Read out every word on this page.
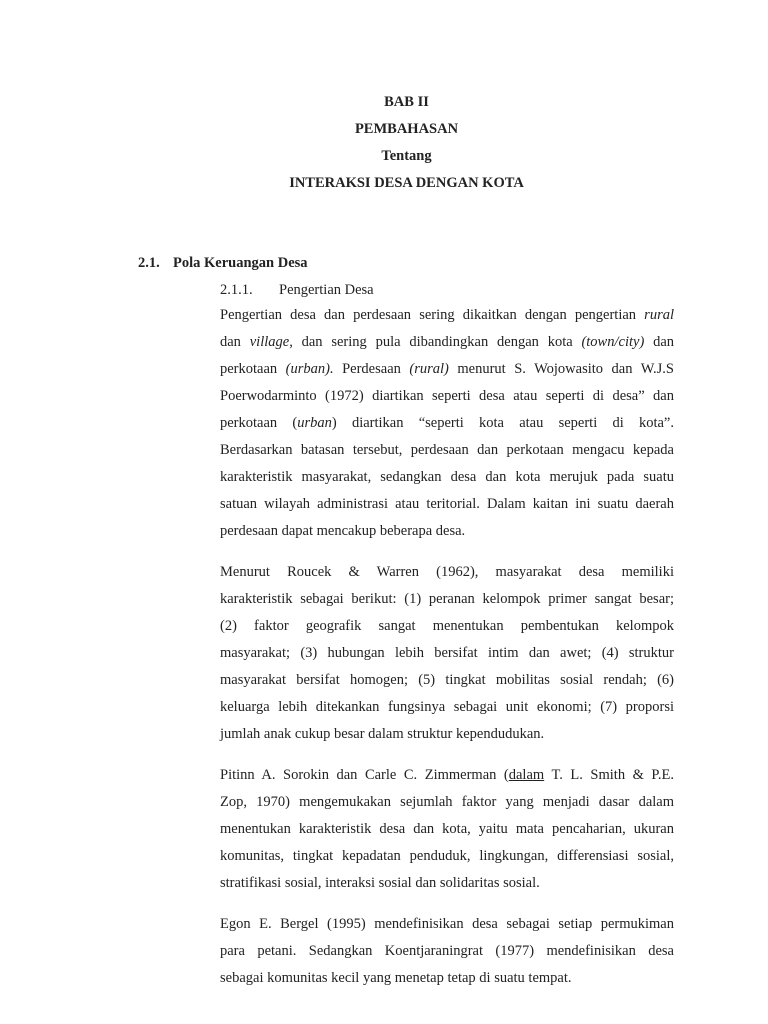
BAB II
PEMBAHASAN
Tentang
INTERAKSI DESA DENGAN KOTA
2.1. Pola Keruangan Desa
2.1.1. Pengertian Desa
Pengertian desa dan perdesaan sering dikaitkan dengan pengertian rural
dan village, dan sering pula dibandingkan dengan kota (town/city) dan
perkotaan (urban). Perdesaan (rural) menurut S. Wojowasito dan W.J.S
Poerwodarminto (1972) diartikan seperti desa atau seperti di desa” dan
perkotaan (urban) diartikan “seperti kota atau seperti di kota”.
Berdasarkan batasan tersebut, perdesaan dan perkotaan mengacu kepada
karakteristik masyarakat, sedangkan desa dan kota merujuk pada suatu
satuan wilayah administrasi atau teritorial. Dalam kaitan ini suatu daerah
perdesaan dapat mencakup beberapa desa.
Menurut Roucek & Warren (1962), masyarakat desa memiliki
karakteristik sebagai berikut: (1) peranan kelompok primer sangat besar;
(2) faktor geografik sangat menentukan pembentukan kelompok
masyarakat; (3) hubungan lebih bersifat intim dan awet; (4) struktur
masyarakat bersifat homogen; (5) tingkat mobilitas sosial rendah; (6)
keluarga lebih ditekankan fungsinya sebagai unit ekonomi; (7) proporsi
jumlah anak cukup besar dalam struktur kependudukan.
Pitinn A. Sorokin dan Carle C. Zimmerman (dalam T. L. Smith & P.E.
Zop, 1970) mengemukakan sejumlah faktor yang menjadi dasar dalam
menentukan karakteristik desa dan kota, yaitu mata pencaharian, ukuran
komunitas, tingkat kepadatan penduduk, lingkungan, differensiasi sosial,
stratifikasi sosial, interaksi sosial dan solidaritas sosial.
Egon E. Bergel (1995) mendefinisikan desa sebagai setiap permukiman
para petani. Sedangkan Koentjaraningrat (1977) mendefinisikan desa
sebagai komunitas kecil yang menetap tetap di suatu tempat.
